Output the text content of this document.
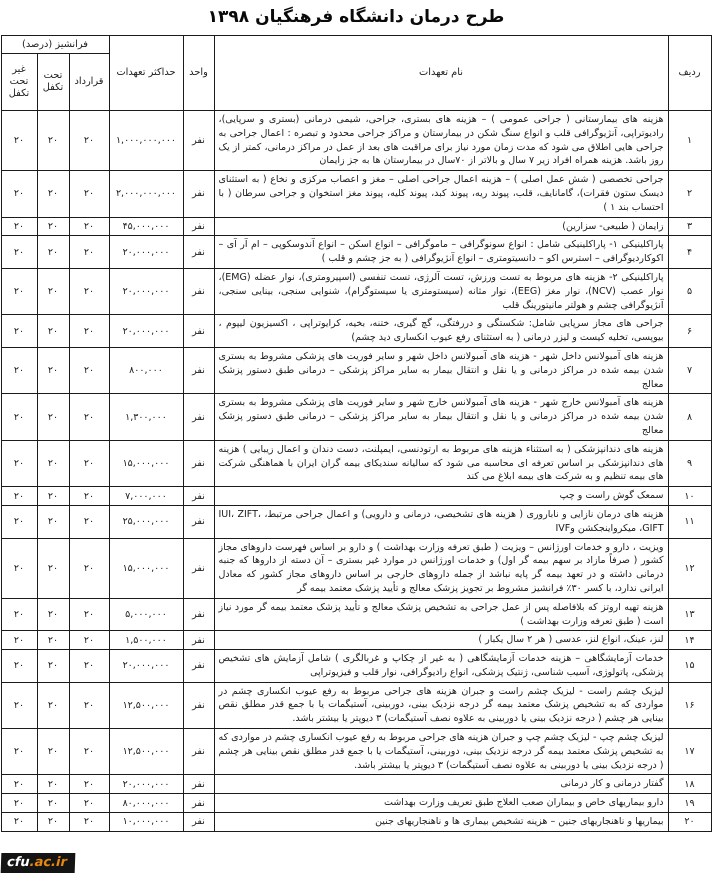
طرح درمان دانشگاه فرهنگیان ۱۳۹۸
ردیف	نام تعهدات	واحد	حداکثر تعهدات	فرانشیز (درصد)		
				قرارداد	تحت تکفل	غیر تحت تکفل
۱	هزینه های بیمارستانی ( جراحی عمومی ) – هزینه های بستری، جراحی، شیمی درمانی (بستری و سرپایی)، رادیوتراپی، آنژیوگرافی قلب و انواع سنگ شکن در بیمارستان و مراکز جراحی محدود و تبصره : اعمال جراحی به جراحی هایی اطلاق می شود که مدت زمان مورد نیاز برای مراقبت های بعد از عمل در مراکز درمانی، کمتر از یک روز باشد. هزینه همراه افراد زیر ۷ سال و بالاتر از ۷۰سال در بیمارستان ها به جز زایمان	نفر	۱,۰۰۰,۰۰۰,۰۰۰	۲۰	۲۰	۲۰
۲	جراحی تخصصی ( شش عمل اصلی ) – هزینه اعمال جراحی اصلی – مغز و اعصاب مرکزی و نخاع ( به استثنای دیسک ستون فقرات)، گامانایف، قلب، پیوند ریه، پیوند کبد، پیوند کلیه، پیوند مغز استخوان و جراحی سرطان ( با احتساب بند ۱ )	نفر	۲,۰۰۰,۰۰۰,۰۰۰	۲۰	۲۰	۲۰
۳	زایمان ( طبیعی- سزارین)	نفر	۴۵,۰۰۰,۰۰۰	۲۰	۲۰	۲۰
۴	پاراکلینیکی ۱- پاراکلینیکی شامل : انواع سونوگرافی – ماموگرافی – انواع اسکن – انواع آندوسکوپی – ام آر آی – اکوکاردیوگرافی – استرس اکو – دانسیتومتری – انواع آنژیوگرافی ( به جز چشم و قلب )	نفر	۲۰,۰۰۰,۰۰۰	۲۰	۲۰	۲۰
۵	پاراکلینیکی ۲- هزینه های مربوط به تست ورزش، تست آلرژی، تست تنفسی (اسپیرومتری)، نوار عضله (EMG)، نوار عصب (NCV)، نوار مغز (EEG)، نوار مثانه (سیستومتری یا سیستوگرام)، شنوایی سنجی، بینایی سنجی، آنژیوگرافی چشم و هولتر مانیتورینگ قلب	نفر	۲۰,۰۰۰,۰۰۰	۲۰	۲۰	۲۰
۶	جراحی های مجاز سرپایی شامل: شکستگی و دررفتگی، گچ گیری، ختنه، بخیه، کرایوتراپی ، اکسیزیون لیپوم ، بیوپسی، تخلیه کیست و لیزر درمانی ( به استثنای رفع عیوب انکساری دید چشم)	نفر	۲۰,۰۰۰,۰۰۰	۲۰	۲۰	۲۰
۷	هزینه های آمبولانس داخل شهر - هزینه های آمبولانس داخل شهر و سایر فوریت های پزشکی مشروط به بستری شدن بیمه شده در مراکز درمانی و یا نقل و انتقال بیمار به سایر مراکز پزشکی – درمانی طبق دستور پزشک معالج	نفر	۸۰۰,۰۰۰	۲۰	۲۰	۲۰
۸	هزینه های آمبولانس خارج شهر - هزینه های آمبولانس خارج شهر و سایر فوریت های پزشکی مشروط به بستری شدن بیمه شده در مراکز درمانی و یا نقل و انتقال بیمار به سایر مراکز پزشکی – درمانی طبق دستور پزشک معالج	نفر	۱,۳۰۰,۰۰۰	۲۰	۲۰	۲۰
۹	هزینه های دندانپزشکی ( به استثناء هزینه های مربوط به ارتودنسی، ایمپلنت، دست دندان و اعمال زیبایی ) هزینه های دندانپزشکی بر اساس تعرفه ای محاسبه می شود که سالیانه سندیکای بیمه گران ایران با هماهنگی شرکت های بیمه تنظیم و به شرکت های بیمه ابلاغ می کند	نفر	۱۵,۰۰۰,۰۰۰	۲۰	۲۰	۲۰
۱۰	سمعک گوش راست و چپ	نفر	۷,۰۰۰,۰۰۰	۲۰	۲۰	۲۰
۱۱	هزینه های درمان نازایی و ناباروری ( هزینه های تشخیصی، درمانی و دارویی) و اعمال جراحی مرتبط، IUI، ZIFT، GIFT، میکرواینجکشن وIVF	نفر	۲۵,۰۰۰,۰۰۰	۲۰	۲۰	۲۰
۱۲	ویزیت ، دارو و خدمات اورژانس – ویزیت ( طبق تعرفه وزارت بهداشت ) و دارو بر اساس فهرست داروهای مجاز کشور ( صرفاً مازاد بر سهم بیمه گر اول) و خدمات اورژانس در موارد غیر بستری – آن دسته از داروها که جنبه درمانی داشته و در تعهد بیمه گر پایه نباشد از جمله داروهای خارجی بر اساس داروهای مجاز کشور که معادل ایرانی ندارد، با کسر ۳۰٪ فرانشیز مشروط بر تجویز پزشک معالج و تأیید پزشک معتمد بیمه گر	نفر	۱۵,۰۰۰,۰۰۰	۲۰	۲۰	۲۰
۱۳	هزینه تهیه اروتز که بلافاصله پس از عمل جراحی به تشخیص پزشک معالج و تأیید پزشک معتمد بیمه گر مورد نیاز است ( طبق تعرفه وزارت بهداشت )	نفر	۵,۰۰۰,۰۰۰	۲۰	۲۰	۲۰
۱۴	لنز، عینک، انواع لنز، عدسی ( هر ۲ سال یکبار )	نفر	۱,۵۰۰,۰۰۰	۲۰	۲۰	۲۰
۱۵	خدمات آزمایشگاهی – هزینه خدمات آزمایشگاهی ( به غیر از چکاپ و غربالگری ) شامل آزمایش های تشخیص پزشکی، پاتولوژی، آسیب شناسی، ژنتیک پزشکی، انواع رادیوگرافی، نوار قلب و فیزیوتراپی	نفر	۲۰,۰۰۰,۰۰۰	۲۰	۲۰	۲۰
۱۶	لیزیک چشم راست - لیزیک چشم راست و جبران هزینه های جراحی مربوط به رفع عیوب انکساری چشم در مواردی که به تشخیص پزشک معتمد بیمه گر درجه نزدیک بینی، دوربینی، آستیگمات یا با جمع قدر مطلق نقص بینایی هر چشم ( درجه نزدیک بینی یا دوربینی به علاوه نصف آستیگمات) ۳ دیوپتر یا بیشتر باشد.	نفر	۱۲,۵۰۰,۰۰۰	۲۰	۲۰	۲۰
۱۷	لیزیک چشم چپ - لیزیک چشم چپ و جبران هزینه های جراحی مربوط به رفع عیوب انکساری چشم در مواردی که به تشخیص پزشک معتمد بیمه گر درجه نزدیک بینی، دوربینی، آستیگمات یا با جمع قدر مطلق نقص بینایی هر چشم ( درجه نزدیک بینی یا دوربینی به علاوه نصف آستیگمات) ۳ دیوپتر یا بیشتر باشد.	نفر	۱۲,۵۰۰,۰۰۰	۲۰	۲۰	۲۰
۱۸	گفتار درمانی و کار درمانی	نفر	۲۰,۰۰۰,۰۰۰	۲۰	۲۰	۲۰
۱۹	دارو بیماریهای خاص و بیماران صعب العلاج طبق تعریف وزارت بهداشت	نفر	۸۰,۰۰۰,۰۰۰	۲۰	۲۰	۲۰
۲۰	بیماریها و ناهنجاریهای جنین – هزینه تشخیص بیماری ها و ناهنجاریهای جنین	نفر	۱۰,۰۰۰,۰۰۰	۲۰	۲۰	۲۰
cfu.ac.ir
